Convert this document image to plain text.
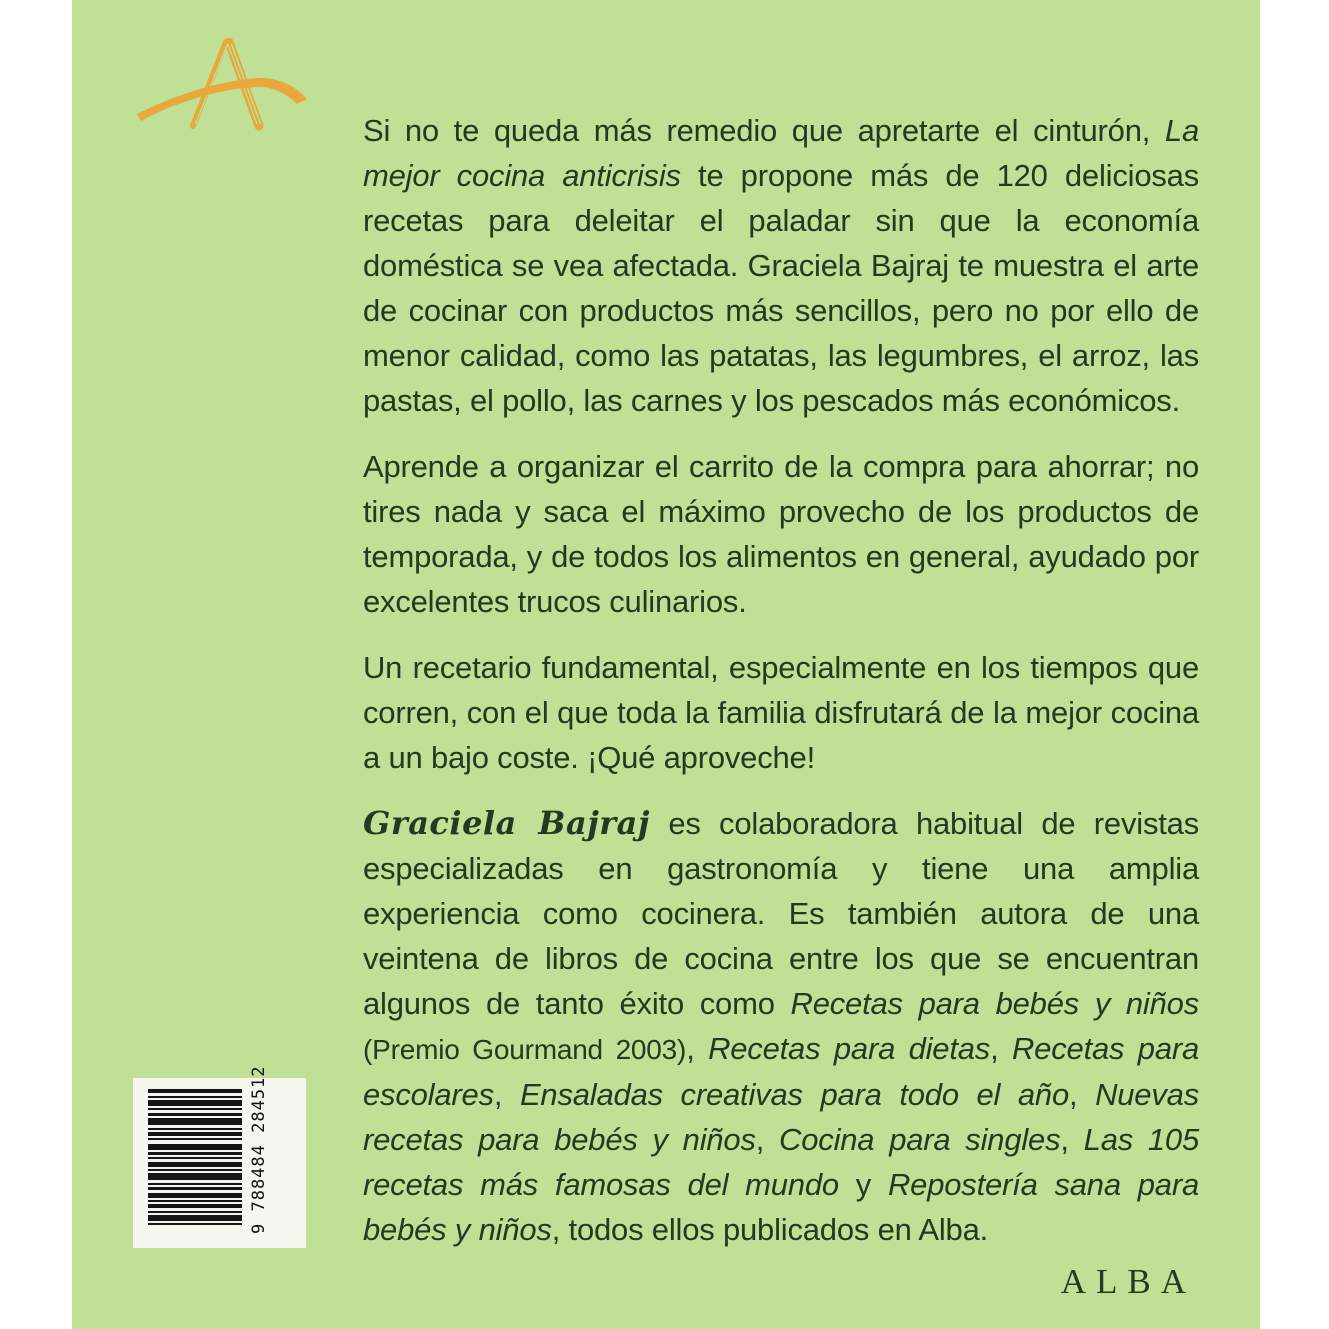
Si no te queda más remedio que apretarte el cinturón, La mejor cocina anticrisis te propone más de 120 deliciosas recetas para deleitar el paladar sin que la economía doméstica se vea afectada. Graciela Bajraj te muestra el arte de cocinar con productos más sencillos, pero no por ello de menor calidad, como las patatas, las legumbres, el arroz, las pastas, el pollo, las carnes y los pescados más económicos.

Aprende a organizar el carrito de la compra para ahorrar; no tires nada y saca el máximo provecho de los productos de temporada, y de todos los alimentos en general, ayudado por excelentes trucos culinarios.

Un recetario fundamental, especialmente en los tiempos que corren, con el que toda la familia disfrutará de la mejor cocina a un bajo coste. ¡Qué aproveche!

Graciela Bajraj es colaboradora habitual de revistas especializadas en gastronomía y tiene una amplia experiencia como cocinera. Es también autora de una veintena de libros de cocina entre los que se encuentran algunos de tanto éxito como Recetas para bebés y niños (Premio Gourmand 2003), Recetas para dietas, Recetas para escolares, Ensaladas creativas para todo el año, Nuevas recetas para bebés y niños, Cocina para singles, Las 105 recetas más famosas del mundo y Repostería sana para bebés y niños, todos ellos publicados en Alba.

9 788484 284512
ALBA
